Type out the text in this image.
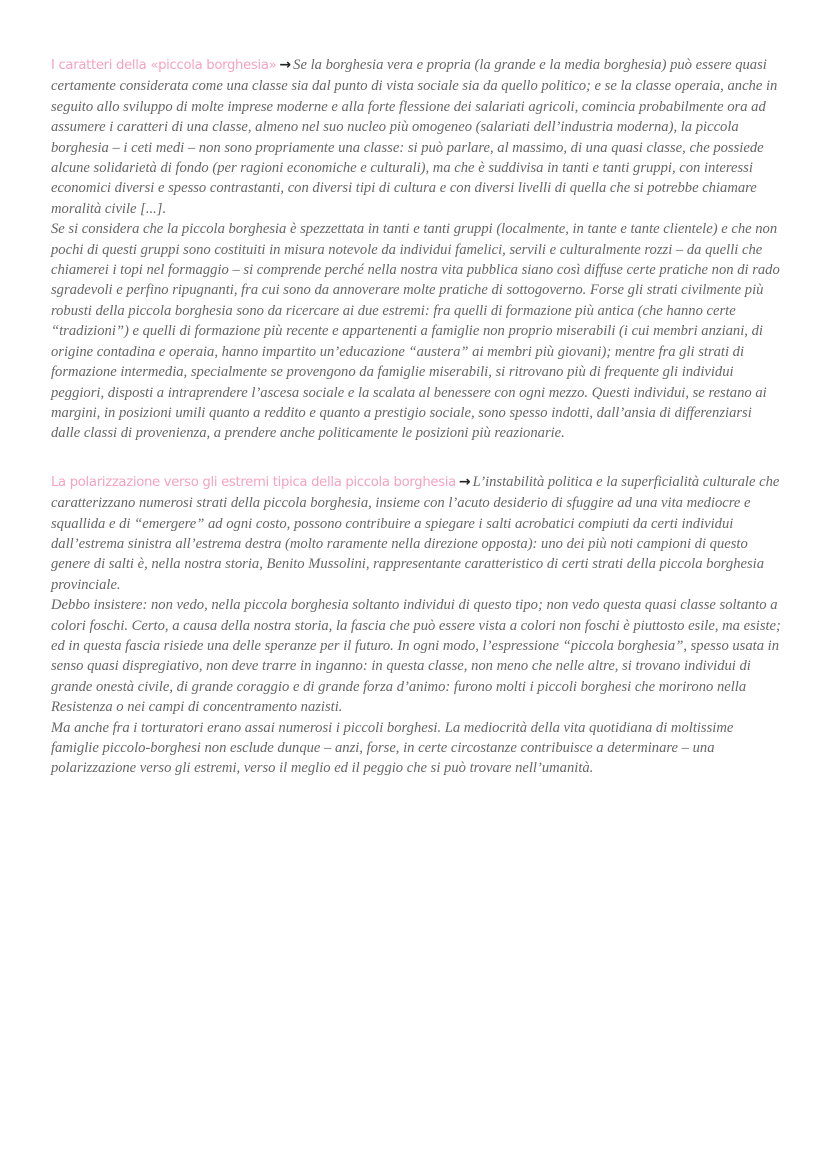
I caratteri della «piccola borghesia» → Se la borghesia vera e propria (la grande e la media borghesia) può essere quasi certamente considerata come una classe sia dal punto di vista sociale sia da quello politico; e se la classe operaia, anche in seguito allo sviluppo di molte imprese moderne e alla forte flessione dei salariati agricoli, comincia probabilmente ora ad assumere i caratteri di una classe, almeno nel suo nucleo più omogeneo (salariati dell’industria moderna), la piccola borghesia – i ceti medi – non sono propriamente una classe: si può parlare, al massimo, di una quasi classe, che possiede alcune solidarietà di fondo (per ragioni economiche e culturali), ma che è suddivisa in tanti e tanti gruppi, con interessi economici diversi e spesso contrastanti, con diversi tipi di cultura e con diversi livelli di quella che si potrebbe chiamare moralità civile [...].

Se si considera che la piccola borghesia è spezzettata in tanti e tanti gruppi (localmente, in tante e tante clientele) e che non pochi di questi gruppi sono costituiti in misura notevole da individui famelici, servili e culturalmente rozzi – da quelli che chiamerei i topi nel formaggio – si comprende perché nella nostra vita pubblica siano così diffuse certe pratiche non di rado sgradevoli e perfino ripugnanti, fra cui sono da annoverare molte pratiche di sottogoverno. Forse gli strati civilmente più robusti della piccola borghesia sono da ricercare ai due estremi: fra quelli di formazione più antica (che hanno certe “tradizioni”) e quelli di formazione più recente e appartenenti a famiglie non proprio miserabili (i cui membri anziani, di origine contadina e operaia, hanno impartito un’educazione “austera” ai membri più giovani); mentre fra gli strati di formazione intermedia, specialmente se provengono da famiglie miserabili, si ritrovano più di frequente gli individui peggiori, disposti a intraprendere l’ascesa sociale e la scalata al benessere con ogni mezzo. Questi individui, se restano ai margini, in posizioni umili quanto a reddito e quanto a prestigio sociale, sono spesso indotti, dall’ansia di differenziarsi dalle classi di provenienza, a prendere anche politicamente le posizioni più reazionarie.

La polarizzazione verso gli estremi tipica della piccola borghesia → L’instabilità politica e la superficialità culturale che caratterizzano numerosi strati della piccola borghesia, insieme con l’acuto desiderio di sfuggire ad una vita mediocre e squallida e di “emergere” ad ogni costo, possono contribuire a spiegare i salti acrobatici compiuti da certi individui dall’estrema sinistra all’estrema destra (molto raramente nella direzione opposta): uno dei più noti campioni di questo genere di salti è, nella nostra storia, Benito Mussolini, rappresentante caratteristico di certi strati della piccola borghesia provinciale.

Debbo insistere: non vedo, nella piccola borghesia soltanto individui di questo tipo; non vedo questa quasi classe soltanto a colori foschi. Certo, a causa della nostra storia, la fascia che può essere vista a colori non foschi è piuttosto esile, ma esiste; ed in questa fascia risiede una delle speranze per il futuro. In ogni modo, l’espressione “piccola borghesia”, spesso usata in senso quasi dispregiativo, non deve trarre in inganno: in questa classe, non meno che nelle altre, si trovano individui di grande onestà civile, di grande coraggio e di grande forza d’animo: furono molti i piccoli borghesi che morirono nella Resistenza o nei campi di concentramento nazisti.

Ma anche fra i torturatori erano assai numerosi i piccoli borghesi. La mediocrità della vita quotidiana di moltissime famiglie piccolo-borghesi non esclude dunque – anzi, forse, in certe circostanze contribuisce a determinare – una polarizzazione verso gli estremi, verso il meglio ed il peggio che si può trovare nell’umanità.
